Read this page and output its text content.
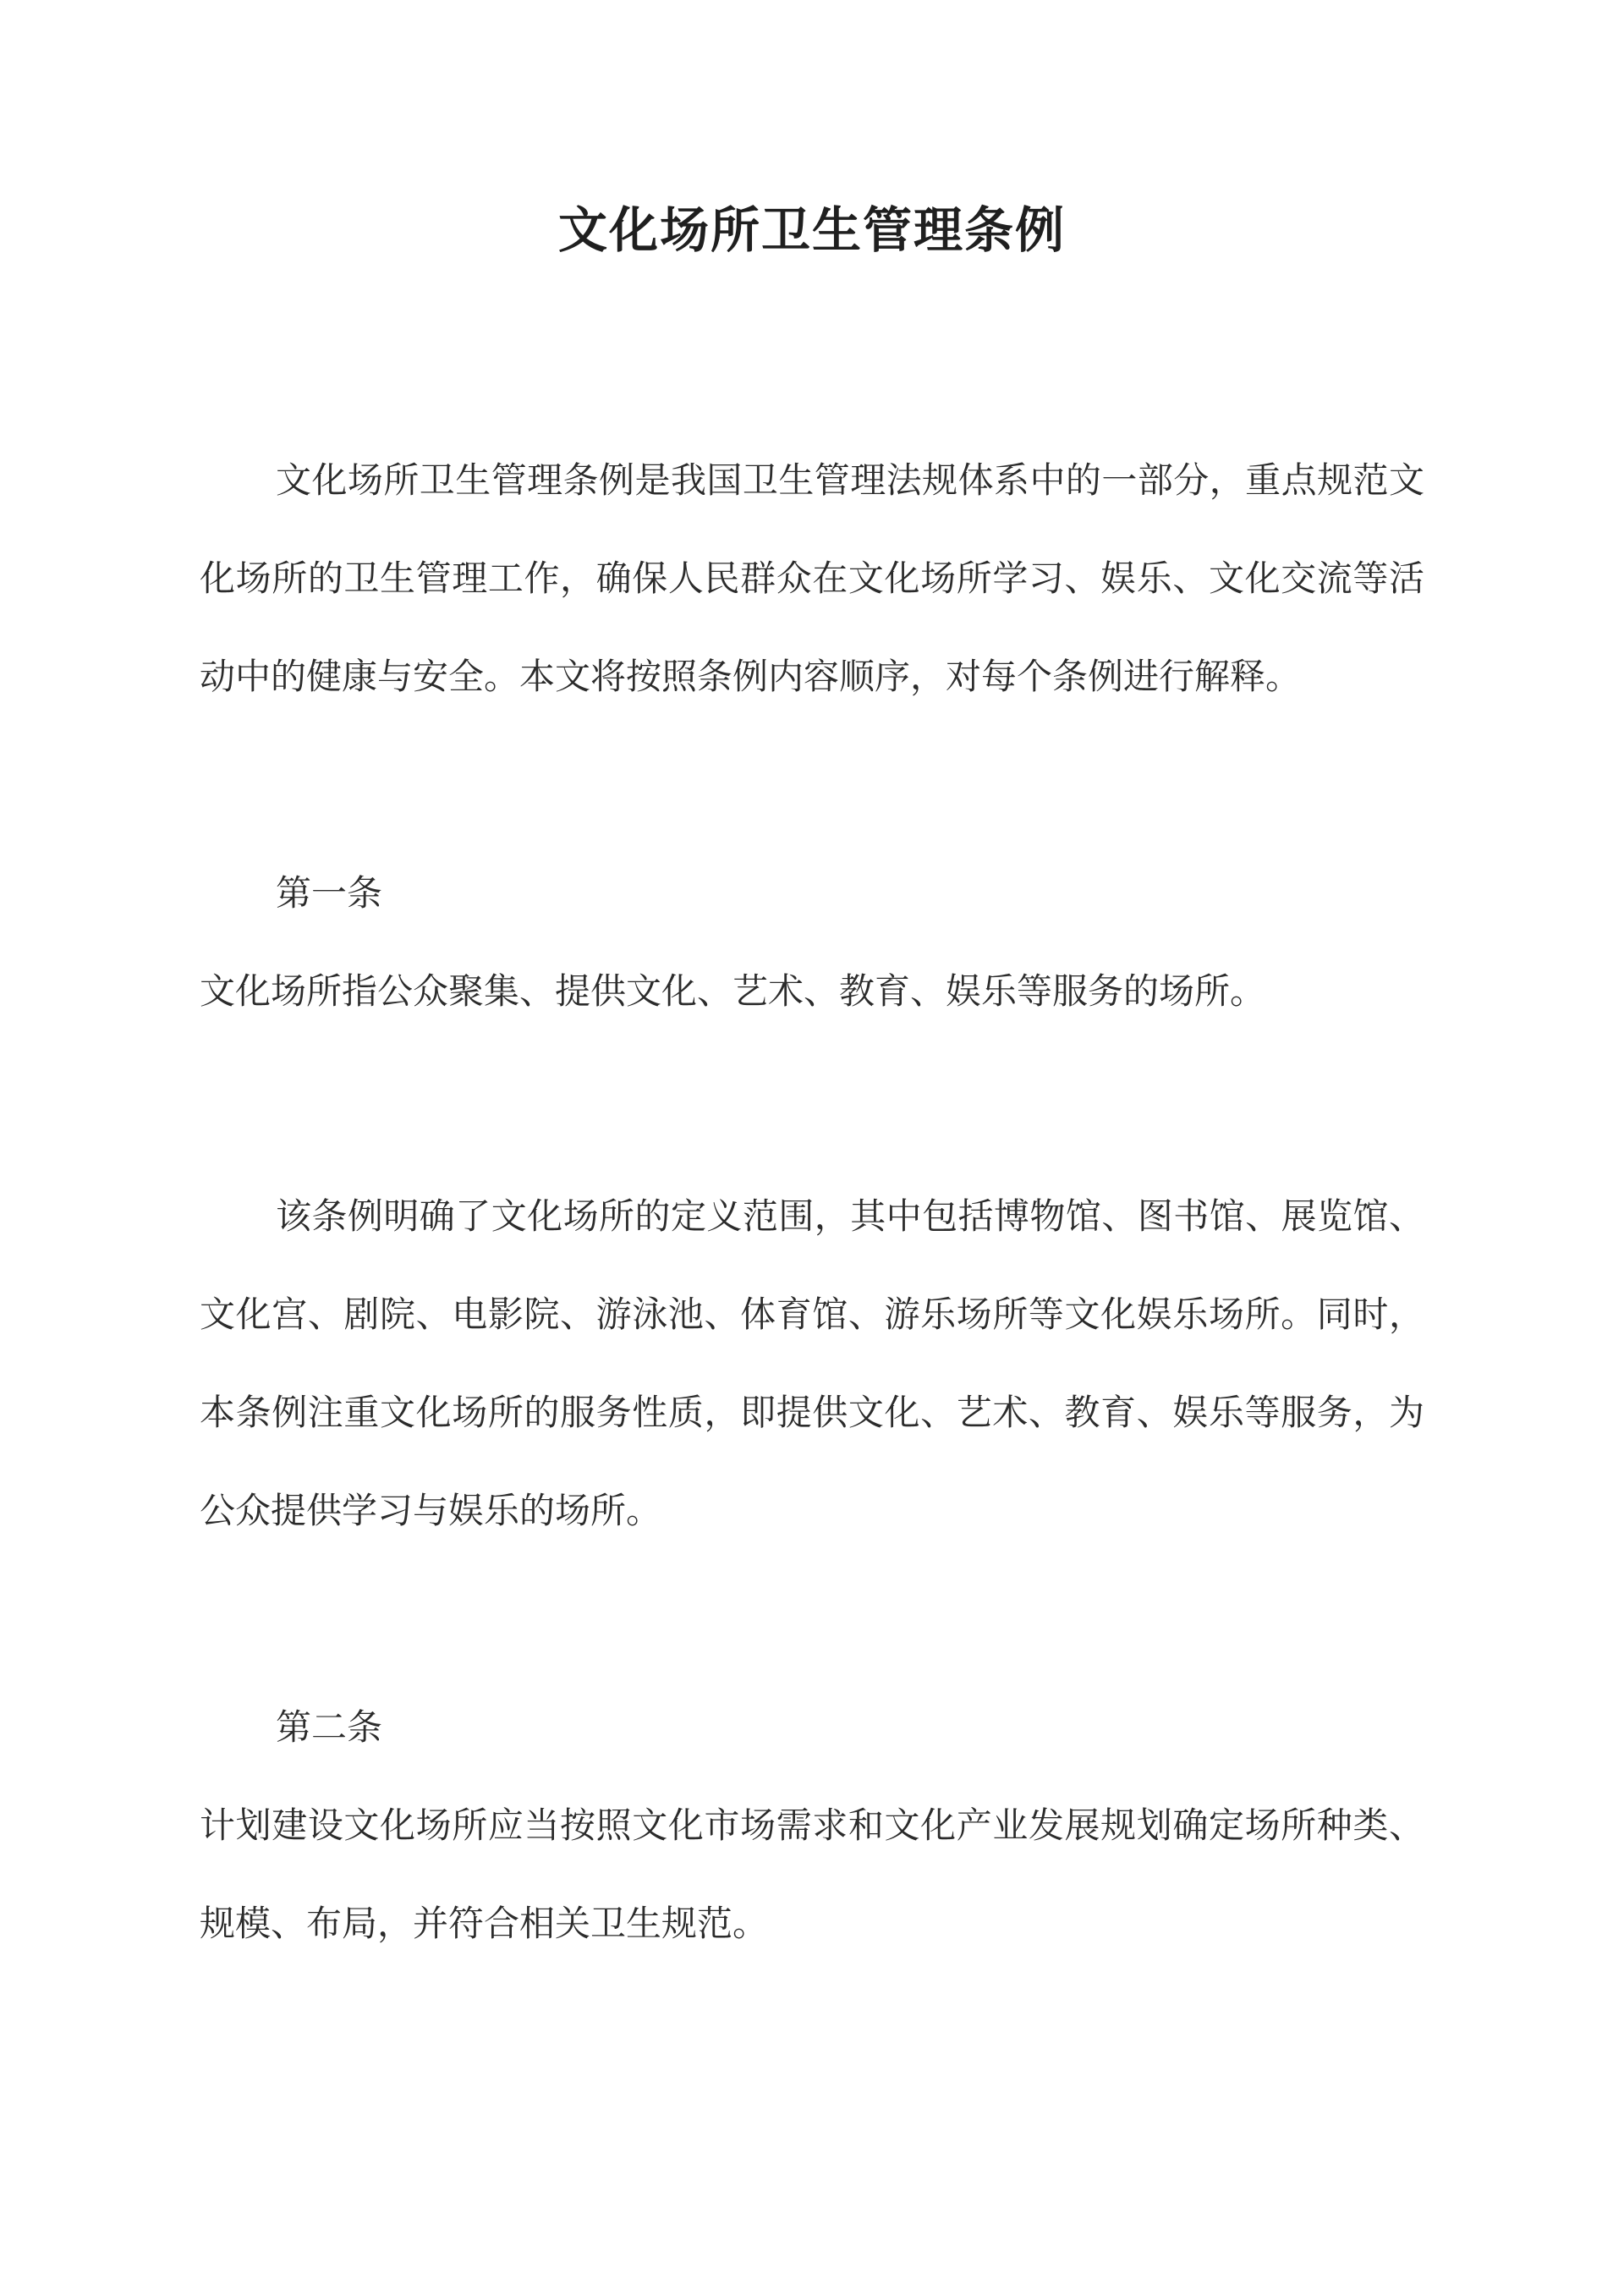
文化场所卫生管理条例

文化场所卫生管理条例是我国卫生管理法规体系中的一部分，重点规范文化场所的卫生管理工作，确保人民群众在文化场所学习、娱乐、文化交流等活动中的健康与安全。本文将按照条例内容顺序，对每个条例进行解释。

第一条

文化场所指公众聚集、提供文化、艺术、教育、娱乐等服务的场所。

该条例明确了文化场所的定义范围，其中包括博物馆、图书馆、展览馆、文化宫、剧院、电影院、游泳池、体育馆、游乐场所等文化娱乐场所。同时，本条例注重文化场所的服务性质，即提供文化、艺术、教育、娱乐等服务，为公众提供学习与娱乐的场所。

第二条

计划建设文化场所应当按照文化市场需求和文化产业发展规划确定场所种类、规模、布局，并符合相关卫生规范。
